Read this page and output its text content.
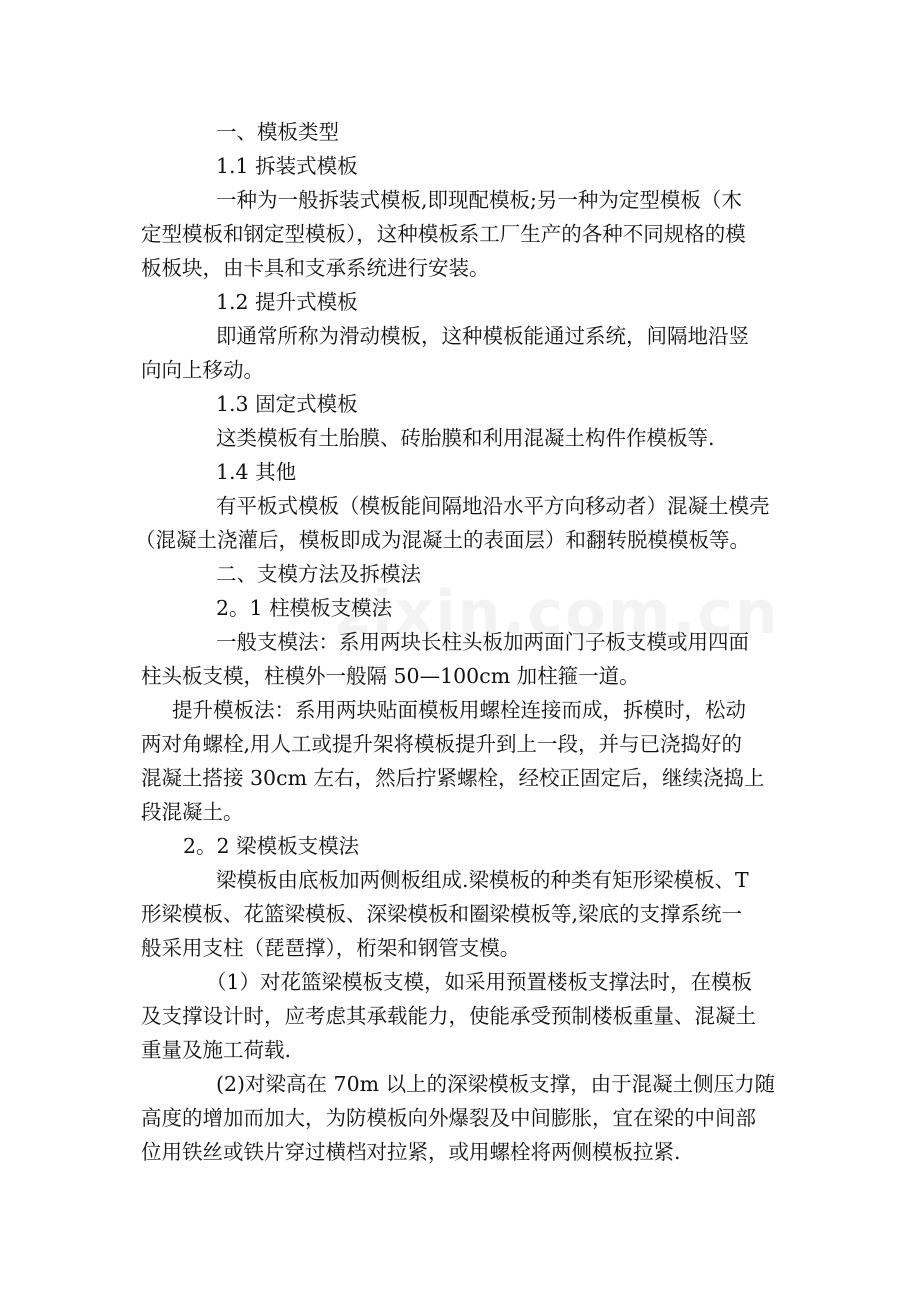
一、模板类型
1.1 拆装式模板
一种为一般拆装式模板,即现配模板;另一种为定型模板（木
定型模板和钢定型模板），这种模板系工厂生产的各种不同规格的模
板板块，由卡具和支承系统进行安装。
1.2 提升式模板
即通常所称为滑动模板，这种模板能通过系统，间隔地沿竖
向向上移动。
1.3 固定式模板
这类模板有土胎膜、砖胎膜和利用混凝土构件作模板等.
1.4 其他
有平板式模板（模板能间隔地沿水平方向移动者）混凝土模壳
（混凝土浇灌后，模板即成为混凝土的表面层）和翻转脱模模板等。
二、支模方法及拆模法
2。1 柱模板支模法
一般支模法：系用两块长柱头板加两面门子板支模或用四面
柱头板支模，柱模外一般隔 50—100cm 加柱箍一道。
提升模板法：系用两块贴面模板用螺栓连接而成，拆模时，松动
两对角螺栓,用人工或提升架将模板提升到上一段，并与已浇捣好的
混凝土搭接 30cm 左右，然后拧紧螺栓，经校正固定后，继续浇捣上
段混凝土。
2。2 梁模板支模法
梁模板由底板加两侧板组成.梁模板的种类有矩形梁模板、T
形梁模板、花篮梁模板、深梁模板和圈梁模板等,梁底的支撑系统一
般采用支柱（琵琶撑），桁架和钢管支模。
（1）对花篮梁模板支模，如采用预置楼板支撑法时，在模板
及支撑设计时，应考虑其承载能力，使能承受预制楼板重量、混凝土
重量及施工荷载.
(2)对梁高在 70m 以上的深梁模板支撑，由于混凝土侧压力随
高度的增加而加大，为防模板向外爆裂及中间膨胀，宜在梁的中间部
位用铁丝或铁片穿过横档对拉紧，或用螺栓将两侧模板拉紧.
